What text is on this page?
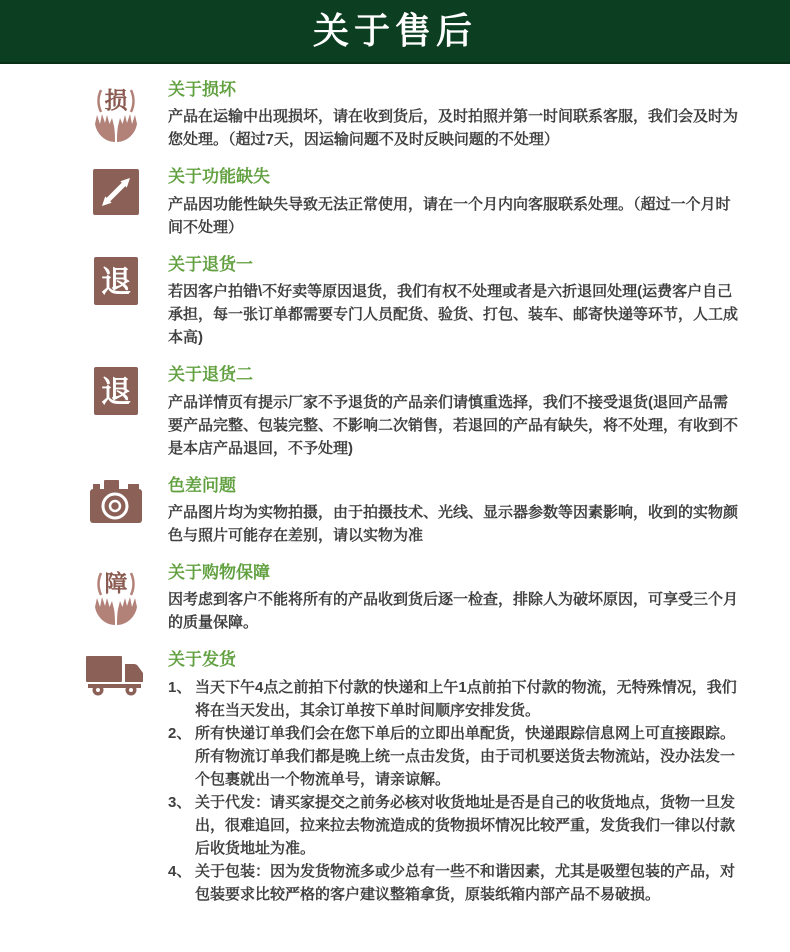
关于售后
损 关于损坏

产品在运输中出现损坏，请在收到货后，及时拍照并第一时间联系客服，我们会及时为您处理。（超过7天，因运输问题不及时反映问题的不处理）

关于功能缺失

产品因功能性缺失导致无法正常使用，请在一个月内向客服联系处理。（超过一个月时间不处理）

退
关于退货一

若因客户拍错\不好卖等原因退货，我们有权不处理或者是六折退回处理(运费客户自己承担，每一张订单都需要专门人员配货、验货、打包、装车、邮寄快递等环节，人工成本高)

退
关于退货二

产品详情页有提示厂家不予退货的产品亲们请慎重选择，我们不接受退货(退回产品需要产品完整、包装完整、不影响二次销售，若退回的产品有缺失，将不处理，有收到不是本店产品退回，不予处理)

色差问题

产品图片均为实物拍摄，由于拍摄技术、光线、显示器参数等因素影响，收到的实物颜色与照片可能存在差别，请以实物为准

障 关于购物保障

因考虑到客户不能将所有的产品收到货后逐一检查，排除人为破坏原因，可享受三个月的质量保障。

关于发货
1、 当天下午4点之前拍下付款的快递和上午1点前拍下付款的物流，无特殊情况，我们将在当天发出，其余订单按下单时间顺序安排发货。
2、 所有快递订单我们会在您下单后的立即出单配货，快递跟踪信息网上可直接跟踪。所有物流订单我们都是晚上统一点击发货，由于司机要送货去物流站，没办法发一个包裹就出一个物流单号，请亲谅解。
3、 关于代发：请买家提交之前务必核对收货地址是否是自己的收货地点，货物一旦发出，很难追回，拉来拉去物流造成的货物损坏情况比较严重，发货我们一律以付款后收货地址为准。
4、 关于包装：因为发货物流多或少总有一些不和谐因素，尤其是吸塑包装的产品，对包装要求比较严格的客户建议整箱拿货，原装纸箱内部产品不易破损。
